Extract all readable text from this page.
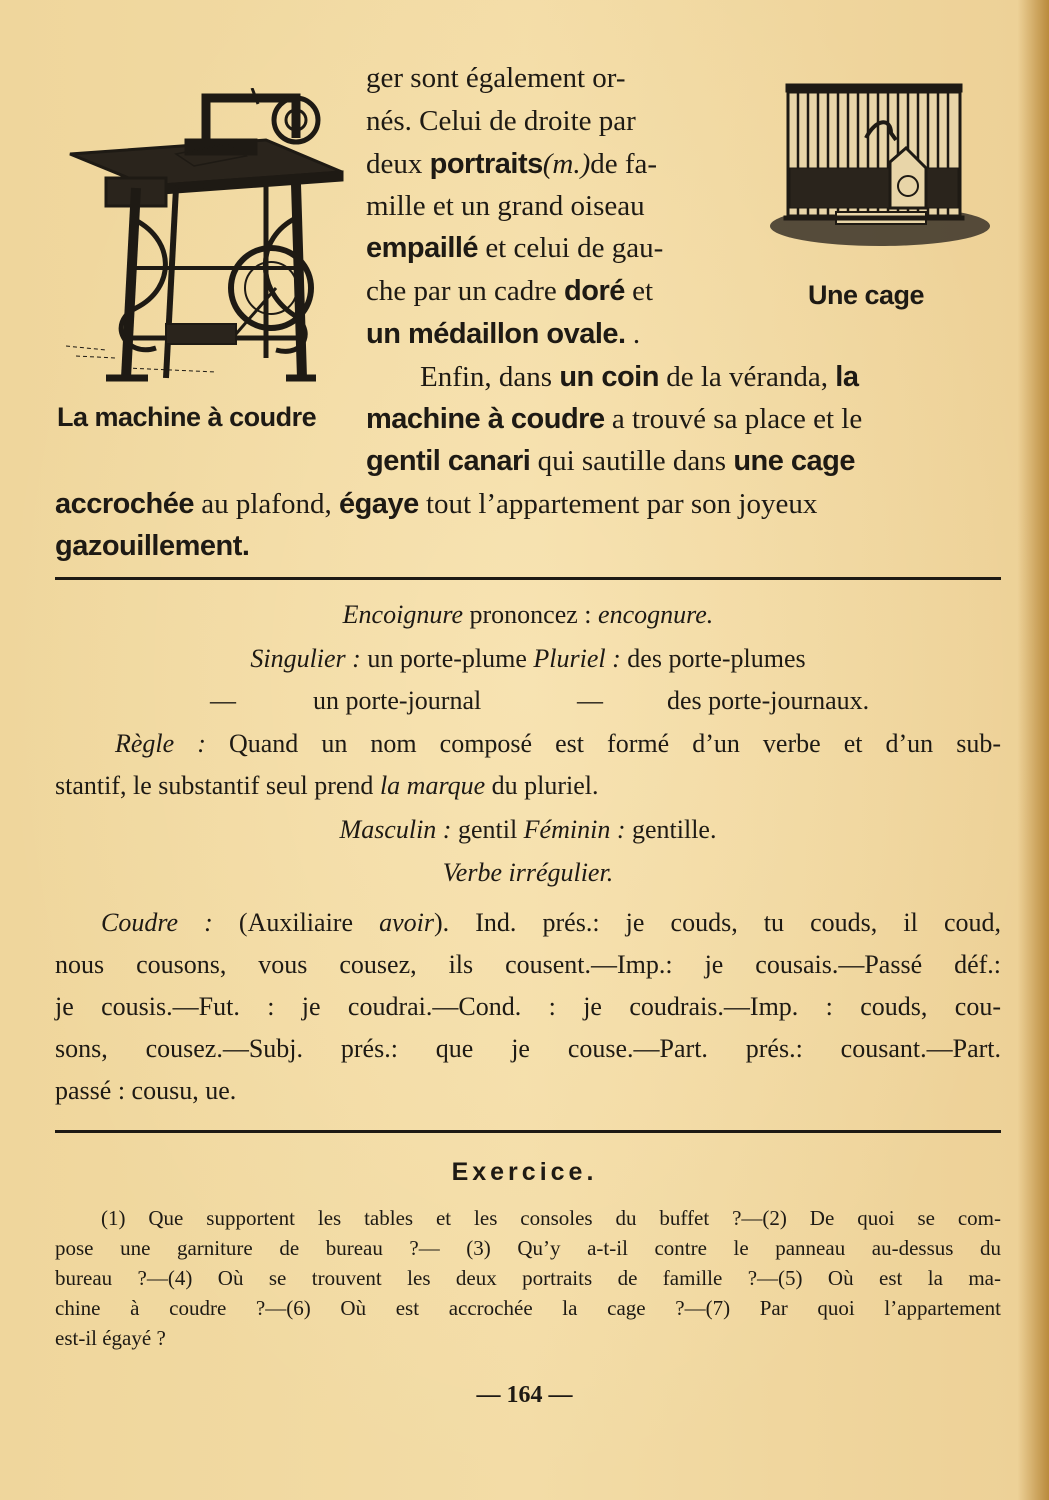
La machine à coudre
Une cage
ger sont également or-
nés. Celui de droite par
deux portraits(m.)de fa-
mille et un grand oiseau
empaillé et celui de gau-
che par un cadre doré et
un médaillon ovale. .
Enfin, dans un coin de la véranda, la
machine à coudre a trouvé sa place et le
gentil canari qui sautille dans une cage
accrochée au plafond, égaye tout l’appartement par son joyeux
gazouillement.
Encoignure prononcez : encognure.
Singulier : un porte-plume Pluriel : des porte-plumes
—	un porte-journal	— des porte-journaux.
Règle : Quand un nom composé est formé d’un verbe et d’un sub-
stantif, le substantif seul prend la marque du pluriel.
Masculin : gentil Féminin : gentille.
Verbe irrégulier.
Coudre : (Auxiliaire avoir). Ind. prés.: je couds, tu couds, il coud,
nous cousons, vous cousez, ils cousent.—Imp.: je cousais.—Passé déf.:
je cousis.—Fut. : je coudrai.—Cond. : je coudrais.—Imp. : couds, cou-
sons, cousez.—Subj. prés.: que je couse.—Part. prés.: cousant.—Part.
passé : cousu, ue.
Exercice.
(1) Que supportent les tables et les consoles du buffet ?—(2) De quoi se com-
pose une garniture de bureau ?— (3) Qu’y a-t-il contre le panneau au-dessus du
bureau ?—(4) Où se trouvent les deux portraits de famille ?—(5) Où est la ma-
chine à coudre ?—(6) Où est accrochée la cage ?—(7) Par quoi l’appartement
est-il égayé ?
— 164 —
